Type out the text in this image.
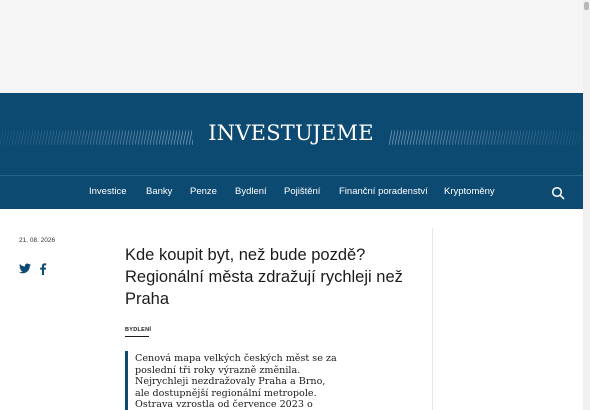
INVESTUJEME
Investice Banky Penze Bydlení Pojištění Finanční poradenství Kryptoměny
21. 08. 2026
Kde koupit byt, než bude pozdě? Regionální města zdražují rychleji než Praha
BYDLENÍ

Cenová mapa velkých českých měst se za poslední tři roky výrazně změnila. Nejrychleji nezdražovaly Praha a Brno, ale dostupnější regionální metropole. Ostrava vzrostla od července 2023 o
